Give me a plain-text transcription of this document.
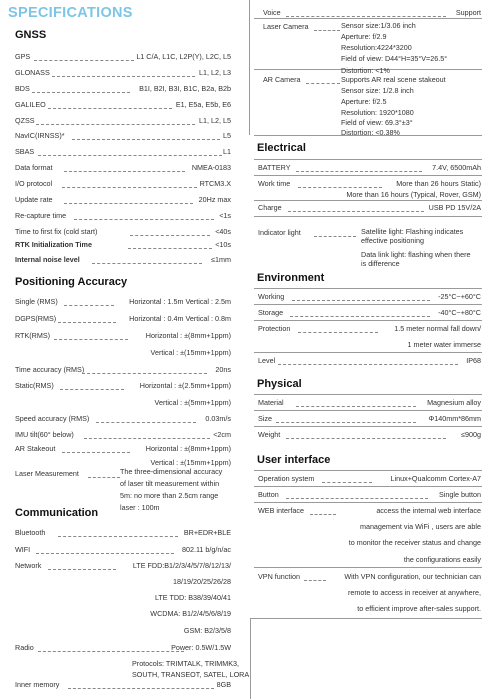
SPECIFICATIONS
GNSS
GPS	L1 C/A, L1C, L2P(Y), L2C, L5
GLONASS	L1, L2, L3
BDS	B1I, B2I, B3I, B1C, B2a, B2b
GALILEO	E1, E5a, E5b, E6
QZSS	L1, L2, L5
NavIC(IRNSS)*	L5
SBAS	L1
Data format	NMEA-0183
I/O protocol	RTCM3.X
Update rate	20Hz max
Re-capture time	<1s
Time to first fix (cold start)	<40s
RTK Initialization Time	<10s
Internal noise level	≤1mm
Positioning Accuracy
Single (RMS)	Horizontal : 1.5m Vertical : 2.5m
DGPS(RMS)	Horizontal : 0.4m Vertical : 0.8m
RTK(RMS)	Horizontal : ±(8mm+1ppm)
Vertical : ±(15mm+1ppm)
Time accuracy (RMS)	20ns
Static(RMS)	Horizontal : ±(2.5mm+1ppm)
Vertical : ±(5mm+1ppm)
Speed accuracy (RMS)	0.03m/s
IMU tilt(60° below)	<2cm
AR Stakeout	Horizontal : ±(8mm+1ppm)
Vertical : ±(15mm+1ppm)
Laser Measurement	The three-dimensional accuracy
of laser tilt measurement within
5m: no more than 2.5cm range
laser : 100m
Communication
Bluetooth	BR+EDR+BLE
WIFI	802.11 b/g/n/ac
Network	LTE FDD:B1/2/3/4/5/7/8/12/13/
18/19/20/25/26/28
LTE TDD: B38/39/40/41
WCDMA: B1/2/4/5/6/8/19
GSM: B2/3/5/8
Radio	Power: 0.5W/1.5W
Protocols: TRIMTALK, TRIMMK3,
SOUTH, TRANSEOT, SATEL, LORA
Inner memory	8GB
Voice	Support
Laser Camera	Sensor size:1/3.06 inch
Aperture: f/2.9
Resolution:4224*3200
Field of view: D44°H=35°V=26.5°
Distortion: <1%
AR Camera	Supports AR real scene stakeout
Sensor size: 1/2.8 inch
Aperture: f/2.5
Resolution: 1920*1080
Field of view: 69.3°±3°
Distortion: <0.38%
Electrical
BATTERY	7.4V, 6500mAh
Work time	More than 26 hours Static)
More than 16 hours (Typical, Rover, GSM)
Charge	USB PD 15V/2A
Indicator light	Satellite light: Flashing indicates
effective positioning
Data link light: flashing when there
is difference
Environment
Working	-25°C~+60°C
Storage	-40°C~+80°C
Protection	1.5 meter normal fall down/
1 meter water immerse
Level	IP68
Physical
Material	Magnesium alloy
Size	Φ140mm*86mm
Weight	≤900g
User interface
Operation system	Linux+Qualcomm Cortex-A7
Button	Single button
WEB interface	access the internal web interface
management via WiFi , users are able
to monitor the receiver status and change
the configurations easily
VPN function	With VPN configuration, our technician can
remote to access in receiver at anywhere,
to efficient improve after-sales support.
